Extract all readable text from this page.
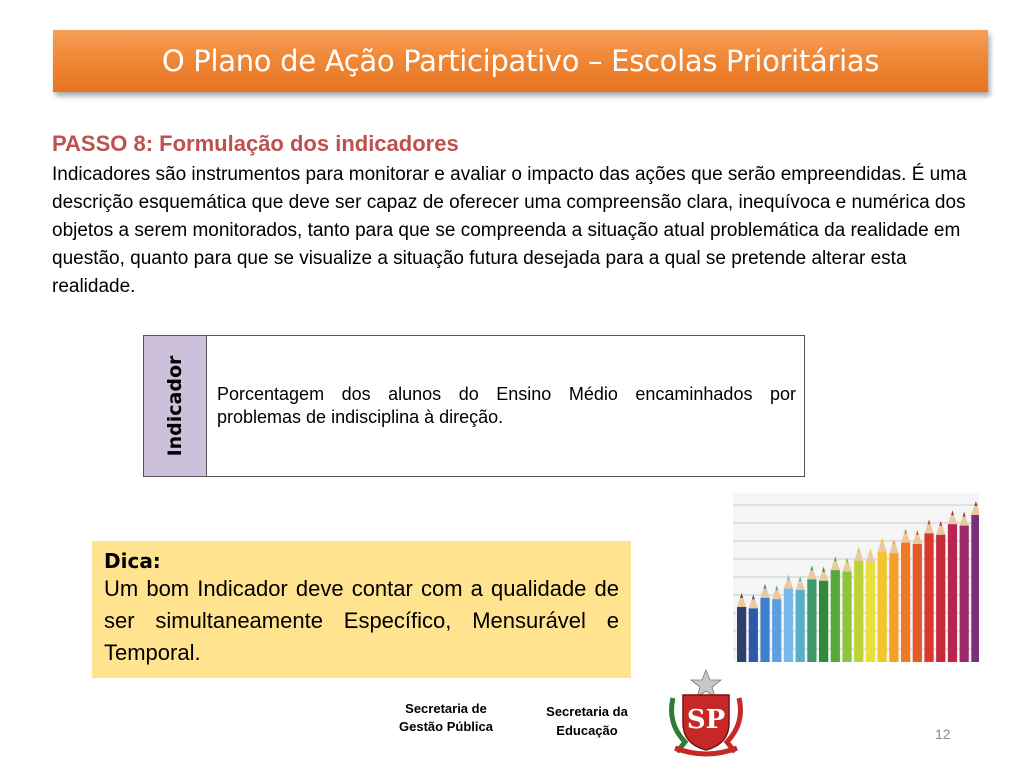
O Plano de Ação Participativo – Escolas Prioritárias
PASSO 8: Formulação dos indicadores

Indicadores são instrumentos para monitorar e avaliar o impacto das ações que serão empreendidas. É uma descrição esquemática que deve ser capaz de oferecer uma compreensão clara, inequívoca e numérica dos objetos a serem monitorados, tanto para que se compreenda a situação atual problemática da realidade em questão, quanto para que se visualize a situação futura desejada para a qual se pretende alterar esta realidade.

Indicador	Porcentagem dos alunos do Ensino Médio encaminhados por problemas de indisciplina à direção.
Dica:
Um bom Indicador deve contar com a qualidade de ser simultaneamente Específico, Mensurável e Temporal.
Secretaria de Gestão Pública
Secretaria da Educação	SP	12
